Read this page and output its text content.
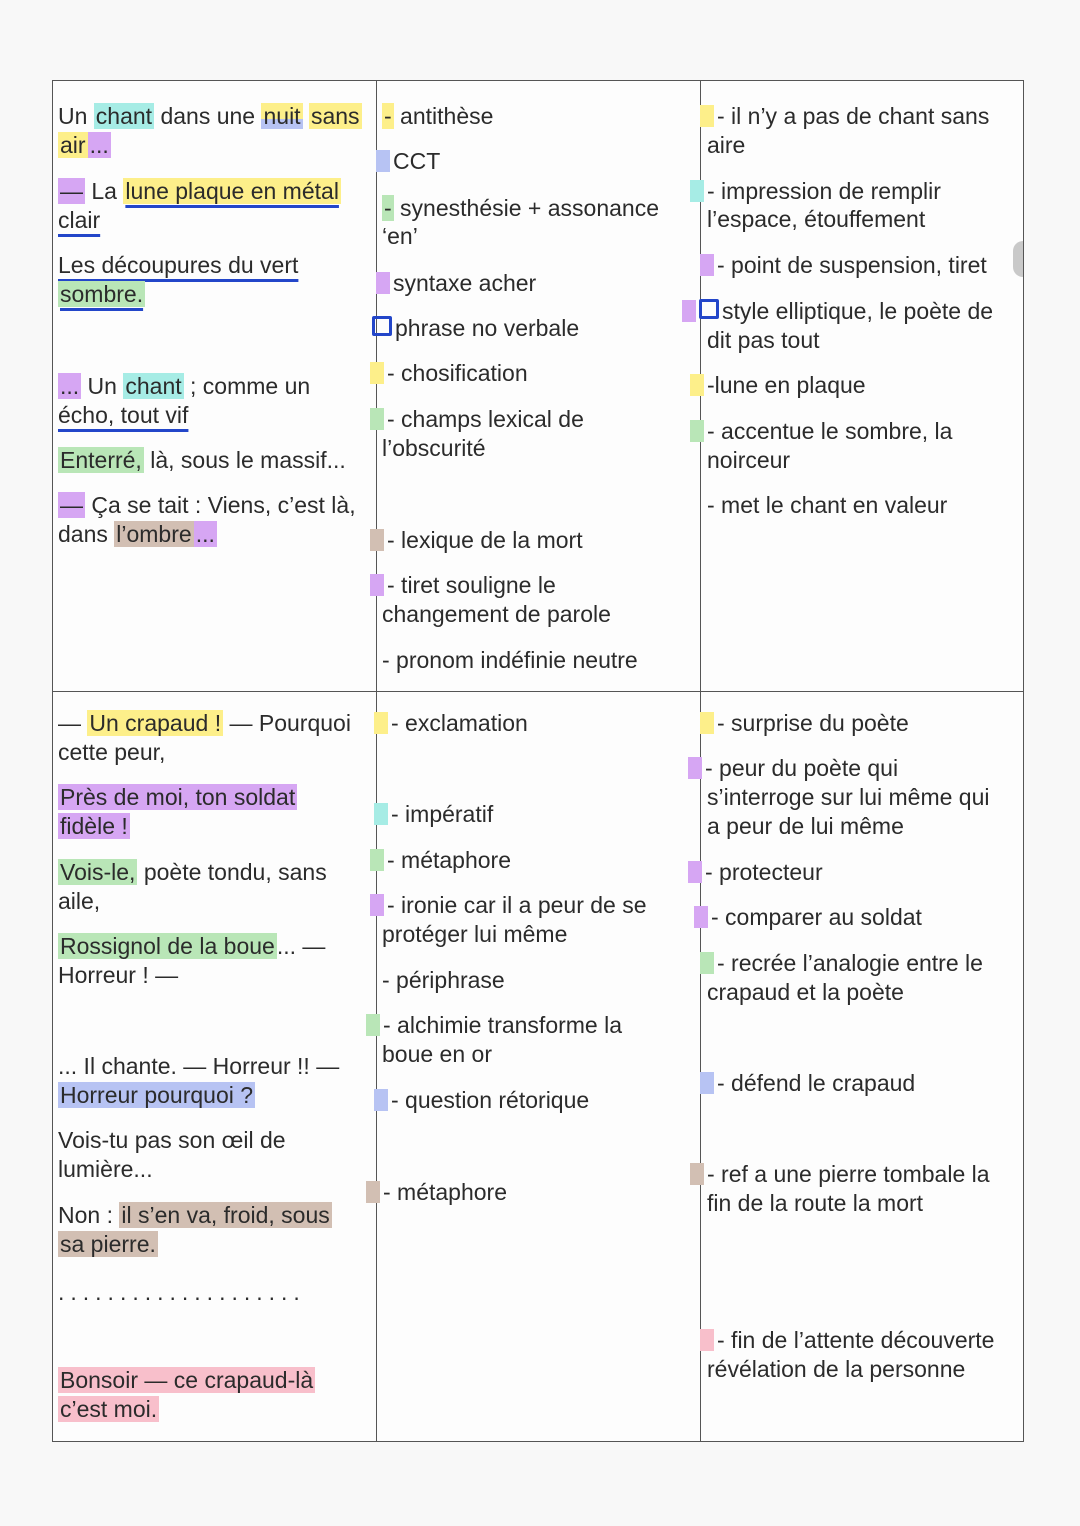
Un chant dans une nuit sans
air ...
— La lune plaque en métal
clair
Les découpures du vert
sombre.
... Un chant ; comme un
écho, tout vif
Enterré, là, sous le massif...
— Ça se tait : Viens, c’est là,
dans l’ombre ...
- antithèse
CCT
- synesthésie + assonance
‘en’
syntaxe acher
phrase no verbale
- chosification
- champs lexical de

l’obscurité
- lexique de la mort
- tiret souligne le
changement de parole
- pronom indéfinie neutre
- il n’y a pas de chant sans
aire
- impression de remplir
l’espace, étouffement
- point de suspension, tiret
style elliptique, le poète de
dit pas tout
-lune en plaque
- accentue le sombre, la
noirceur
- met le chant en valeur
— Un crapaud ! — Pourquoi
cette peur,
Près de moi, ton soldat
fidèle !
Vois-le, poète tondu, sans
aile,
Rossignol de la boue... —
Horreur ! —
... Il chante. — Horreur !! —
Horreur pourquoi ?
Vois-tu pas son œil de
lumière...
Non : il s’en va, froid, sous
sa pierre.
....................
Bonsoir — ce crapaud-là
c’est moi.
- exclamation
- impératif
- métaphore
- ironie car il a peur de se
protéger lui même
- périphrase
- alchimie transforme la
boue en or
- question rétorique
- métaphore
- surprise du poète
- peur du poète qui
s’interroge sur lui même qui
a peur de lui même
- protecteur
- comparer au soldat
- recrée l’analogie entre le
crapaud et la poète
- défend le crapaud
- ref a une pierre tombale la
fin de la route la mort
- fin de l’attente découverte
révélation de la personne
